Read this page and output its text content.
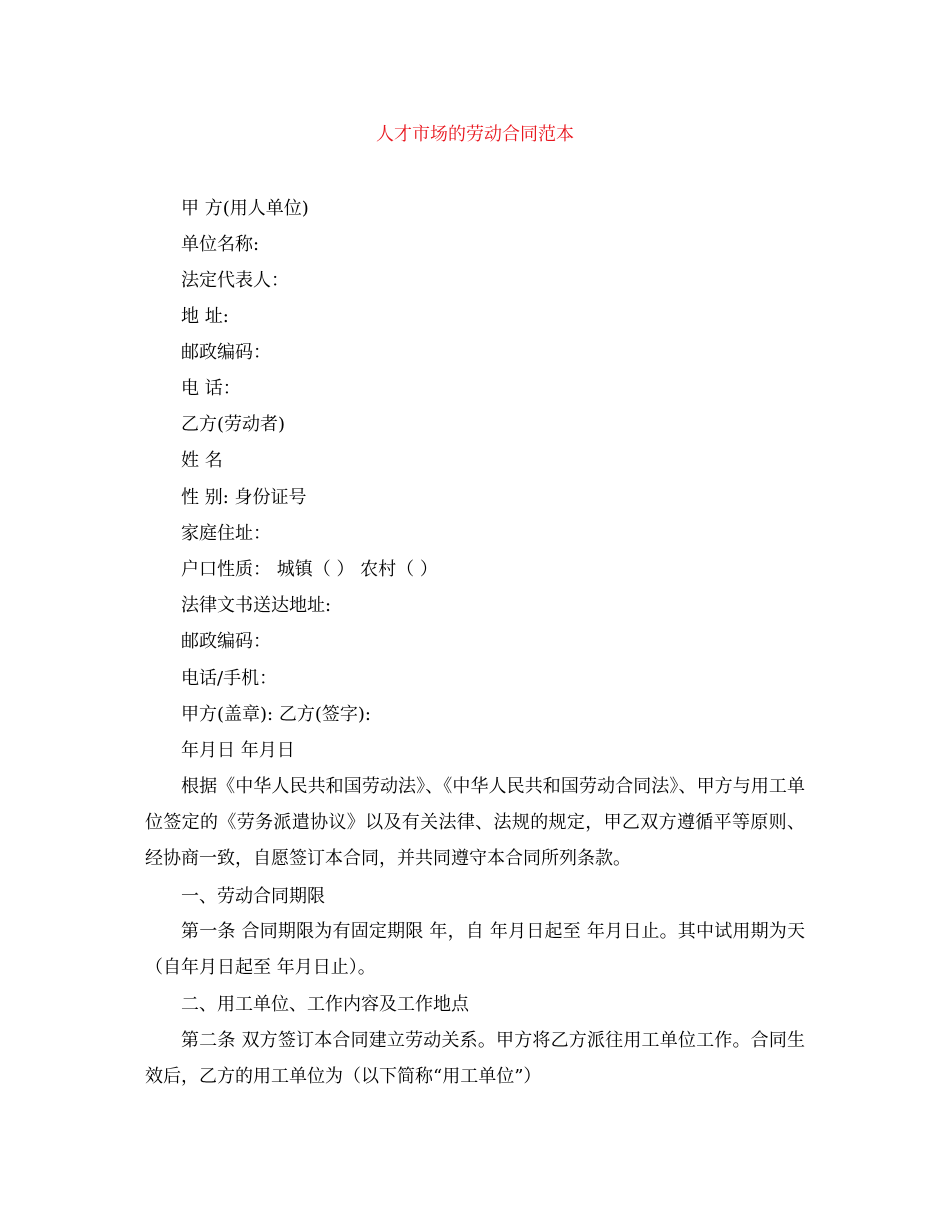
人才市场的劳动合同范本
甲 方(用人单位)
单位名称:
法定代表人：
地 址:
邮政编码：
电 话：
乙方(劳动者)
姓 名
性 别: 身份证号
家庭住址：
户口性质： 城镇（ ） 农村（ ）
法律文书送达地址:
邮政编码：
电话/手机：
甲方(盖章): 乙方(签字):
年月日 年月日
根据《中华人民共和国劳动法》、《中华人民共和国劳动合同法》、甲方与用工单位签定的《劳务派遣协议》以及有关法律、法规的规定，甲乙双方遵循平等原则、经协商一致，自愿签订本合同，并共同遵守本合同所列条款。
一、劳动合同期限
第一条 合同期限为有固定期限 年，自 年月日起至 年月日止。其中试用期为天（自年月日起至 年月日止）。
二、用工单位、工作内容及工作地点
第二条 双方签订本合同建立劳动关系。甲方将乙方派往用工单位工作。合同生效后，乙方的用工单位为（以下简称“用工单位”）
